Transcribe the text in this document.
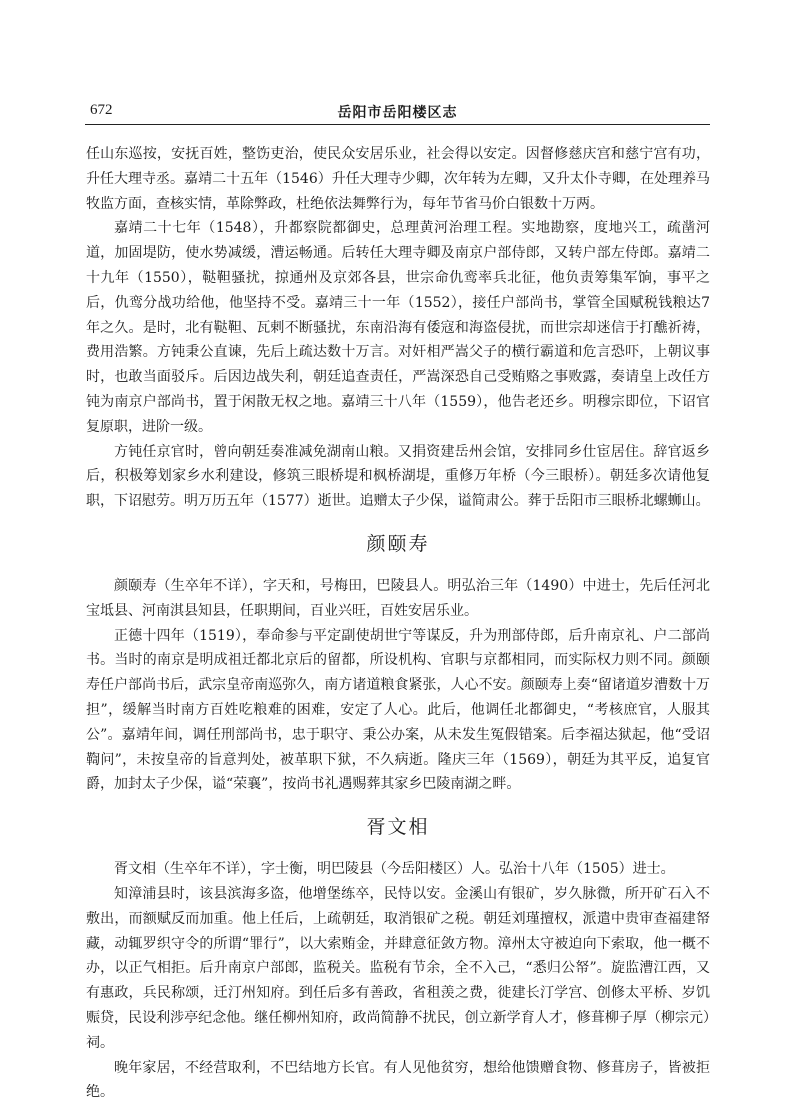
672	岳阳市岳阳楼区志

任山东巡按，安抚百姓，整饬吏治，使民众安居乐业，社会得以安定。因督修慈庆宫和慈宁宫有功，升任大理寺丞。嘉靖二十五年（1546）升任大理寺少卿，次年转为左卿，又升太仆寺卿，在处理养马牧监方面，查核实情，革除弊政，杜绝依法舞弊行为，每年节省马价白银数十万两。

嘉靖二十七年（1548），升都察院都御史，总理黄河治理工程。实地勘察，度地兴工，疏凿河道，加固堤防，使水势减缓，漕运畅通。后转任大理寺卿及南京户部侍郎，又转户部左侍郎。嘉靖二十九年（1550），鞑靼骚扰，掠通州及京郊各县，世宗命仇鸾率兵北征，他负责筹集军饷，事平之后，仇鸾分战功给他，他坚持不受。嘉靖三十一年（1552），接任户部尚书，掌管全国赋税钱粮达7年之久。是时，北有鞑靼、瓦剌不断骚扰，东南沿海有倭寇和海盗侵扰，而世宗却迷信于打醮祈祷，费用浩繁。方钝秉公直谏，先后上疏达数十万言。对奸相严嵩父子的横行霸道和危言恐吓，上朝议事时，也敢当面驳斥。后因边战失利，朝廷追查责任，严嵩深恐自己受贿赂之事败露，奏请皇上改任方钝为南京户部尚书，置于闲散无权之地。嘉靖三十八年（1559），他告老还乡。明穆宗即位，下诏官复原职，进阶一级。

方钝任京官时，曾向朝廷奏准减免湖南山粮。又捐资建岳州会馆，安排同乡仕宦居住。辞官返乡后，积极筹划家乡水利建设，修筑三眼桥堤和枫桥湖堤，重修万年桥（今三眼桥）。朝廷多次请他复职，下诏慰劳。明万历五年（1577）逝世。追赠太子少保，谥简肃公。葬于岳阳市三眼桥北螺蛳山。

颜颐寿

颜颐寿（生卒年不详），字天和，号梅田，巴陵县人。明弘治三年（1490）中进士，先后任河北宝坻县、河南淇县知县，任职期间，百业兴旺，百姓安居乐业。

正德十四年（1519），奉命参与平定副使胡世宁等谋反，升为刑部侍郎，后升南京礼、户二部尚书。当时的南京是明成祖迁都北京后的留都，所设机构、官职与京都相同，而实际权力则不同。颜颐寿任户部尚书后，武宗皇帝南巡弥久，南方诸道粮食紧张，人心不安。颜颐寿上奏“留诸道岁漕数十万担”，缓解当时南方百姓吃粮难的困难，安定了人心。此后，他调任北都御史，“考核庶官，人服其公”。嘉靖年间，调任刑部尚书，忠于职守、秉公办案，从未发生冤假错案。后李福达狱起，他“受诏鞫问”，未按皇帝的旨意判处，被革职下狱，不久病逝。隆庆三年（1569），朝廷为其平反，追复官爵，加封太子少保，谥“荣襄”，按尚书礼遇赐葬其家乡巴陵南湖之畔。

胥文相

胥文相（生卒年不详），字士衡，明巴陵县（今岳阳楼区）人。弘治十八年（1505）进士。

知漳浦县时，该县滨海多盗，他增堡练卒，民恃以安。金溪山有银矿，岁久脉微，所开矿石入不敷出，而额赋反而加重。他上任后，上疏朝廷，取消银矿之税。朝廷刘瑾擅权，派遣中贵审查福建帑藏，动辄罗织守令的所谓“罪行”，以大索贿金，并肆意征敛方物。漳州太守被迫向下索取，他一概不办，以正气相拒。后升南京户部郎，监税关。监税有节余，全不入己，“悉归公帑”。旋监漕江西，又有惠政，兵民称颂，迁汀州知府。到任后多有善政，省租羡之费，徙建长汀学宫、创修太平桥、岁饥赈贷，民设利涉亭纪念他。继任柳州知府，政尚简静不扰民，创立新学育人才，修葺柳子厚（柳宗元）祠。

晚年家居，不经营取利，不巴结地方长官。有人见他贫穷，想给他馈赠食物、修葺房子，皆被拒绝。
